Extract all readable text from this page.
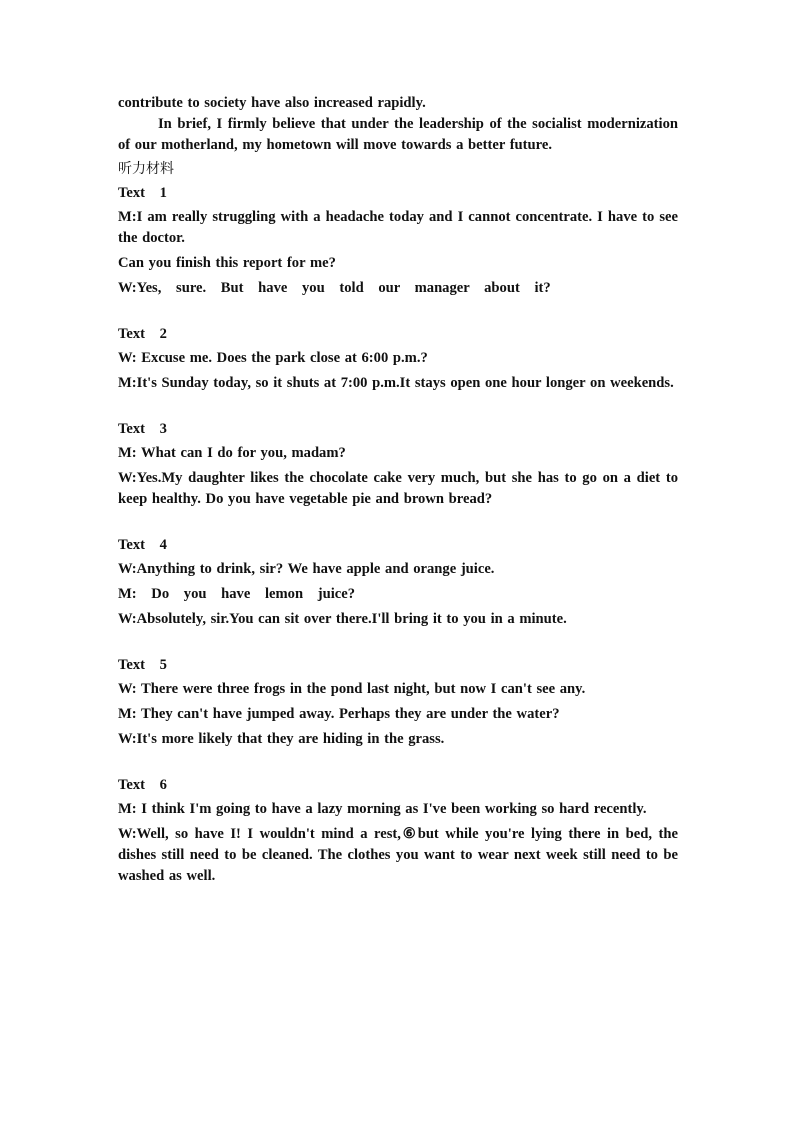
contribute to society have also increased rapidly.

In brief, I firmly believe that under the leadership of the socialist modernization of our motherland, my hometown will move towards a better future.

听力材料

Text 1

M:I am really struggling with a headache today and I cannot concentrate. I have to see the doctor.

Can you finish this report for me?

W:Yes, sure. But have you told our manager about it?

Text 2

W: Excuse me. Does the park close at 6:00 p.m.?

M:It's Sunday today, so it shuts at 7:00 p.m.It stays open one hour longer on weekends.

Text 3

M: What can I do for you, madam?

W:Yes.My daughter likes the chocolate cake very much, but she has to go on a diet to keep healthy. Do you have vegetable pie and brown bread?

Text 4

W:Anything to drink, sir? We have apple and orange juice.

M: Do you have lemon juice?

W:Absolutely, sir.You can sit over there.I'll bring it to you in a minute.

Text 5

W: There were three frogs in the pond last night, but now I can't see any.

M: They can't have jumped away. Perhaps they are under the water?

W:It's more likely that they are hiding in the grass.

Text 6

M: I think I'm going to have a lazy morning as I've been working so hard recently.

W:Well, so have I! I wouldn't mind a rest,⑥but while you're lying there in bed, the dishes still need to be cleaned. The clothes you want to wear next week still need to be washed as well.
